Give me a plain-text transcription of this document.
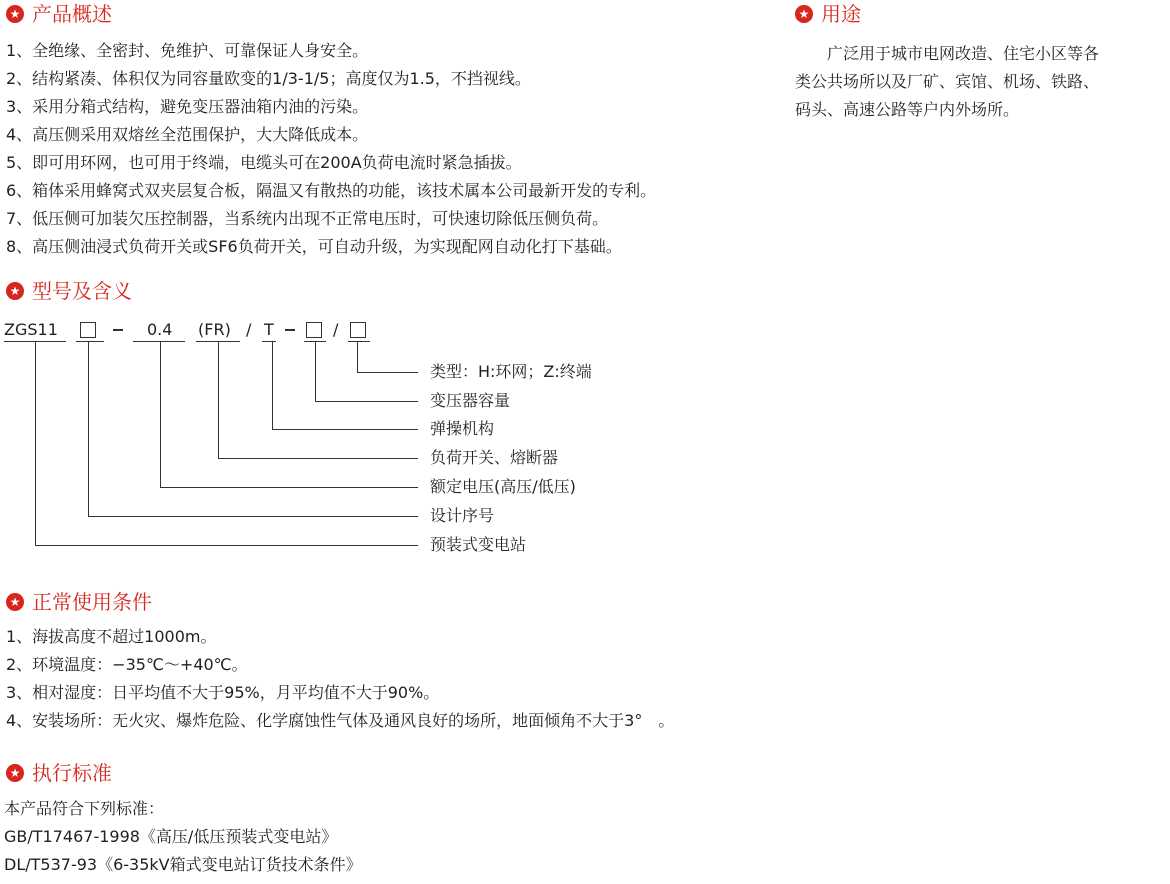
★ 产品概述
1、全绝缘、全密封、免维护、可靠保证人身安全。
2、结构紧凑、体积仅为同容量欧变的1/3-1/5；高度仅为1.5，不挡视线。
3、采用分箱式结构，避免变压器油箱内油的污染。
4、高压侧采用双熔丝全范围保护，大大降低成本。
5、即可用环网，也可用于终端，电缆头可在200A负荷电流时紧急插拔。
6、箱体采用蜂窝式双夹层复合板，隔温又有散热的功能，该技术属本公司最新开发的专利。
7、低压侧可加装欠压控制器，当系统内出现不正常电压时，可快速切除低压侧负荷。
8、高压侧油浸式负荷开关或SF6负荷开关，可自动升级，为实现配网自动化打下基础。
★ 用途
　　广泛用于城市电网改造、住宅小区等各
类公共场所以及厂矿、宾馆、机场、铁路、
码头、高速公路等户内外场所。
★ 型号及含义
ZGS11	0.4 (FR) / T	/
类型：H:环网；Z:终端
变压器容量
弹操机构
负荷开关、熔断器
额定电压(高压/低压)
设计序号
预装式变电站
★ 正常使用条件
1、海拔高度不超过1000m。
2、环境温度：−35℃～+40℃。
3、相对湿度：日平均值不大于95%，月平均值不大于90%。
4、安装场所：无火灾、爆炸危险、化学腐蚀性气体及通风良好的场所，地面倾角不大于3°　。
★ 执行标准
本产品符合下列标准：
GB/T17467-1998《高压/低压预装式变电站》
DL/T537-93《6-35kV箱式变电站订货技术条件》
